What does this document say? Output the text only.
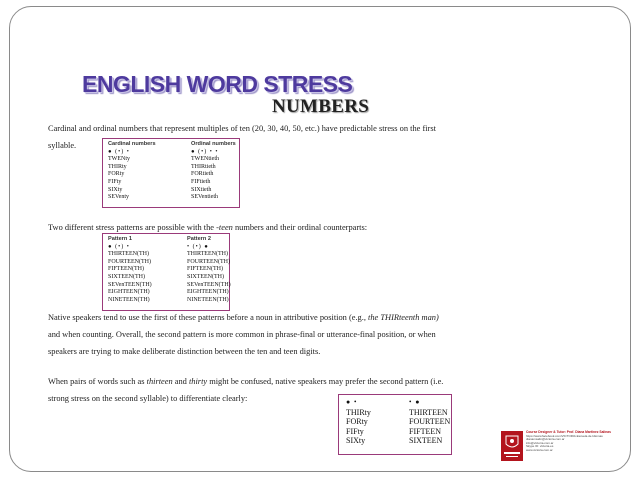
ENGLISH WORD STRESS
NUMBERS
Cardinal and ordinal numbers that represent multiples of ten (20, 30, 40, 50, etc.) have predictable stress on the first
syllable.	Cardinal numbers
● (•) •
TWENty
THIRty
FORty
FIFty
SIXty
SEVenty
Ordinal numbers
● (•) • •
TWENtieth
THIRtieth
FORtieth
FIFtieth
SIXtieth
SEVentieth
Two different stress patterns are possible with the -teen numbers and their ordinal counterparts:
Pattern 1
● (•) •
THIRTEEN(TH)
FOURTEEN(TH)
FIFTEEN(TH)
SIXTEEN(TH)
SEVenTEEN(TH)
EIGHTEEN(TH)
NINETEEN(TH)
Pattern 2
• (•) ●
THIRTEEN(TH)
FOURTEEN(TH)
FIFTEEN(TH)
SIXTEEN(TH)
SEVenTEEN(TH)
EIGHTEEN(TH)
NINETEEN(TH)
Native speakers tend to use the first of these patterns before a noun in attributive position (e.g., the THIRteenth man)
and when counting. Overall, the second pattern is more common in phrase-final or utterance-final position, or when
speakers are trying to make deliberate distinction between the ten and teen digits.
When pairs of words such as thirteen and thirty might be confused, native speakers may prefer the second pattern (i.e.
strong stress on the second syllable) to differentiate clearly:	● •
THIRty
FORty
FIFty
SIXty
• ●
THIRTEEN
FOURTEEN
FIFTEEN
SIXTEEN
Course Designer & Tutor: Prof. Diana Martinez Salinas
https://www.facebook.com/VICTORIA.Escuela.de.Idiomas
dianamsalin@victoria.com.ar
info@victoria.com.ar
Skype ID: victoria.es
www.victoria.com.ar
